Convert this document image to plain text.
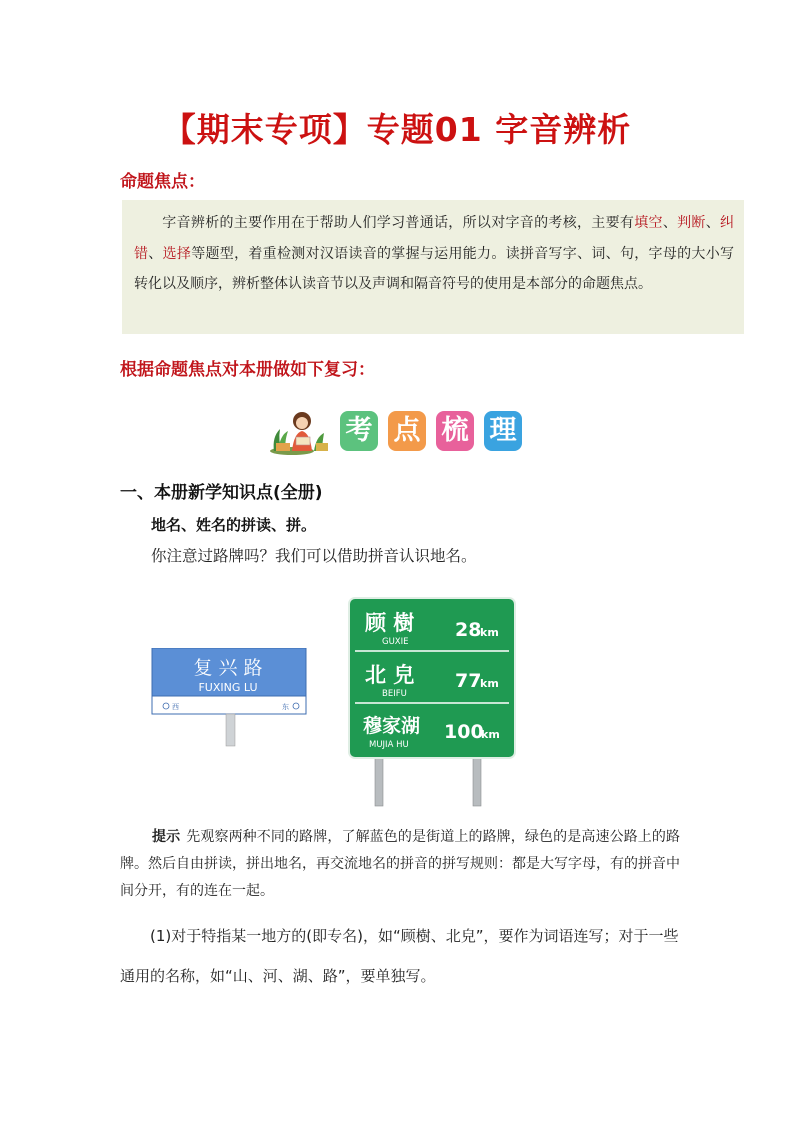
【期末专项】专题01 字音辨析
命题焦点：
字音辨析的主要作用在于帮助人们学习普通话，所以对字音的考核，主要有填空、判断、纠错、选择等题型，着重检测对汉语读音的掌握与运用能力。读拼音写字、词、句，字母的大小写转化以及顺序，辨析整体认读音节以及声调和隔音符号的使用是本部分的命题焦点。
根据命题焦点对本册做如下复习：
考 点 梳 理
一、本册新学知识点(全册)
地名、姓名的拼读、拼。
你注意过路牌吗？我们可以借助拼音认识地名。
复 兴 路
FUXING LU
西	东
顾 樹
GUXIE
28
km
北 皃
BEIFU
77
km
穆家湖
MUJIA HU
100
km
提示 先观察两种不同的路牌，了解蓝色的是街道上的路牌，绿色的是高速公路上的路牌。然后自由拼读，拼出地名，再交流地名的拼音的拼写规则：都是大写字母，有的拼音中间分开，有的连在一起。
(1)对于特指某一地方的(即专名)，如“顾樹、北皃”，要作为词语连写；对于一些通用的名称，如“山、河、湖、路”，要单独写。
